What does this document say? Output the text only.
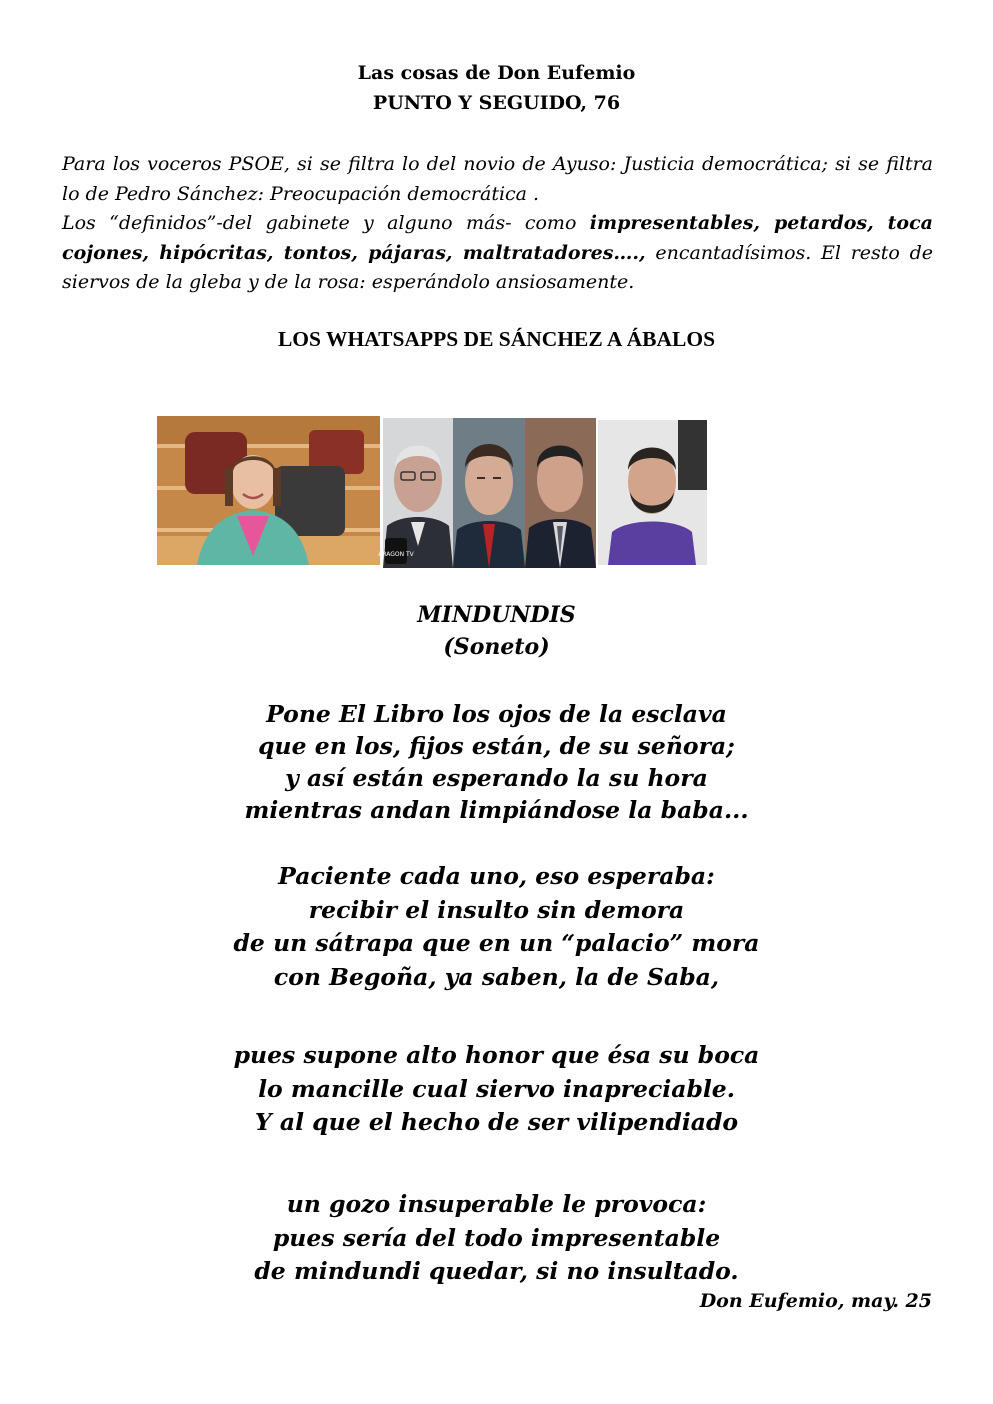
Las cosas de Don Eufemio
PUNTO Y SEGUIDO, 76

Para los voceros PSOE, si se filtra lo del novio de Ayuso: Justicia democrática; si se filtra lo de Pedro Sánchez: Preocupación democrática .

Los “definidos”-del gabinete y alguno más- como impresentables, petardos, toca cojones, hipócritas, tontos, pájaras, maltratadores…., encantadísimos. El resto de siervos de la gleba y de la rosa: esperándolo ansiosamente.

LOS WHATSAPPS DE SÁNCHEZ A ÁBALOS
ARAGON TV
MINDUNDIS
(Soneto)
Pone El Libro los ojos de la esclava
que en los, fijos están, de su señora;
y así están esperando la su hora
mientras andan limpiándose la baba...
Paciente cada uno, eso esperaba:
recibir el insulto sin demora
de un sátrapa que en un “palacio” mora
con Begoña, ya saben, la de Saba,
pues supone alto honor que ésa su boca
lo mancille cual siervo inapreciable.
Y al que el hecho de ser vilipendiado
un gozo insuperable le provoca:
pues sería del todo impresentable
de mindundi quedar, si no insultado.
Don Eufemio, may. 25
